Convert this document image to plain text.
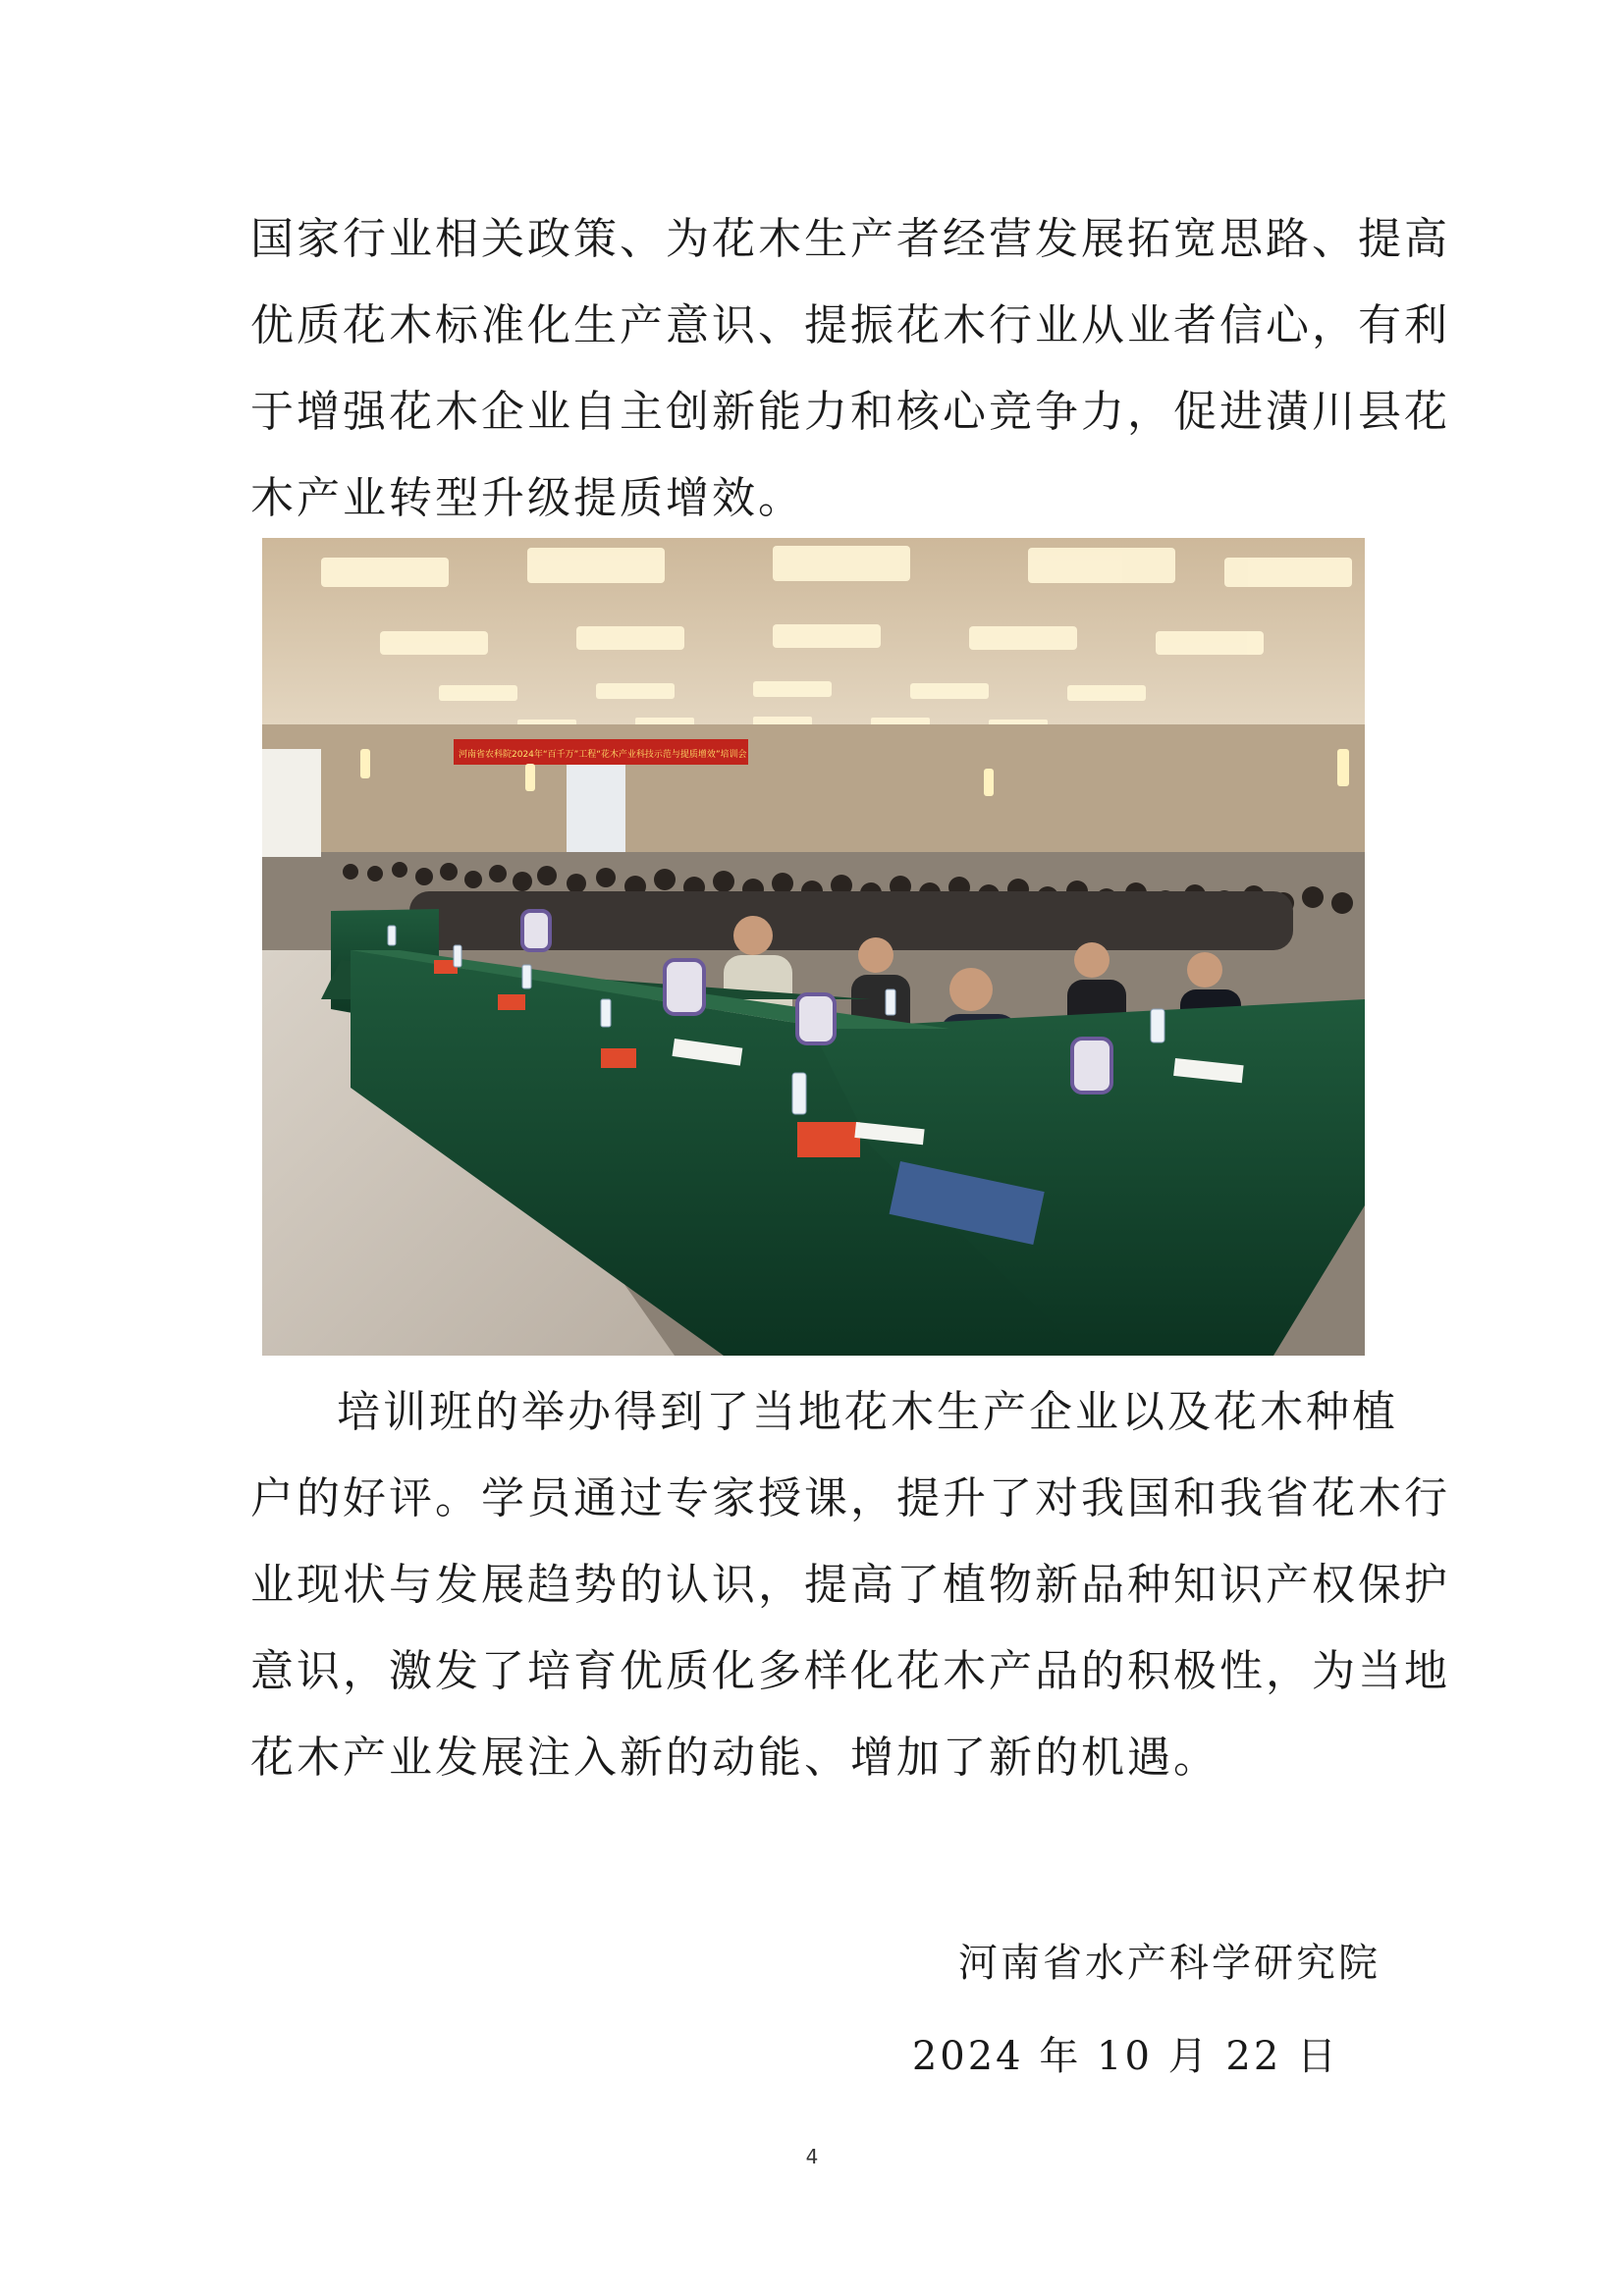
国家行业相关政策、为花木生产者经营发展拓宽思路、提高
优质花木标准化生产意识、提振花木行业从业者信心，有利
于增强花木企业自主创新能力和核心竞争力，促进潢川县花
木产业转型升级提质增效。
河南省农科院2024年“百千万”工程“花木产业科技示范与提质增效”培训会
培训班的举办得到了当地花木生产企业以及花木种植
户的好评。学员通过专家授课，提升了对我国和我省花木行
业现状与发展趋势的认识，提高了植物新品种知识产权保护
意识，激发了培育优质化多样化花木产品的积极性，为当地
花木产业发展注入新的动能、增加了新的机遇。
河南省水产科学研究院
2024 年 10 月 22 日
4
